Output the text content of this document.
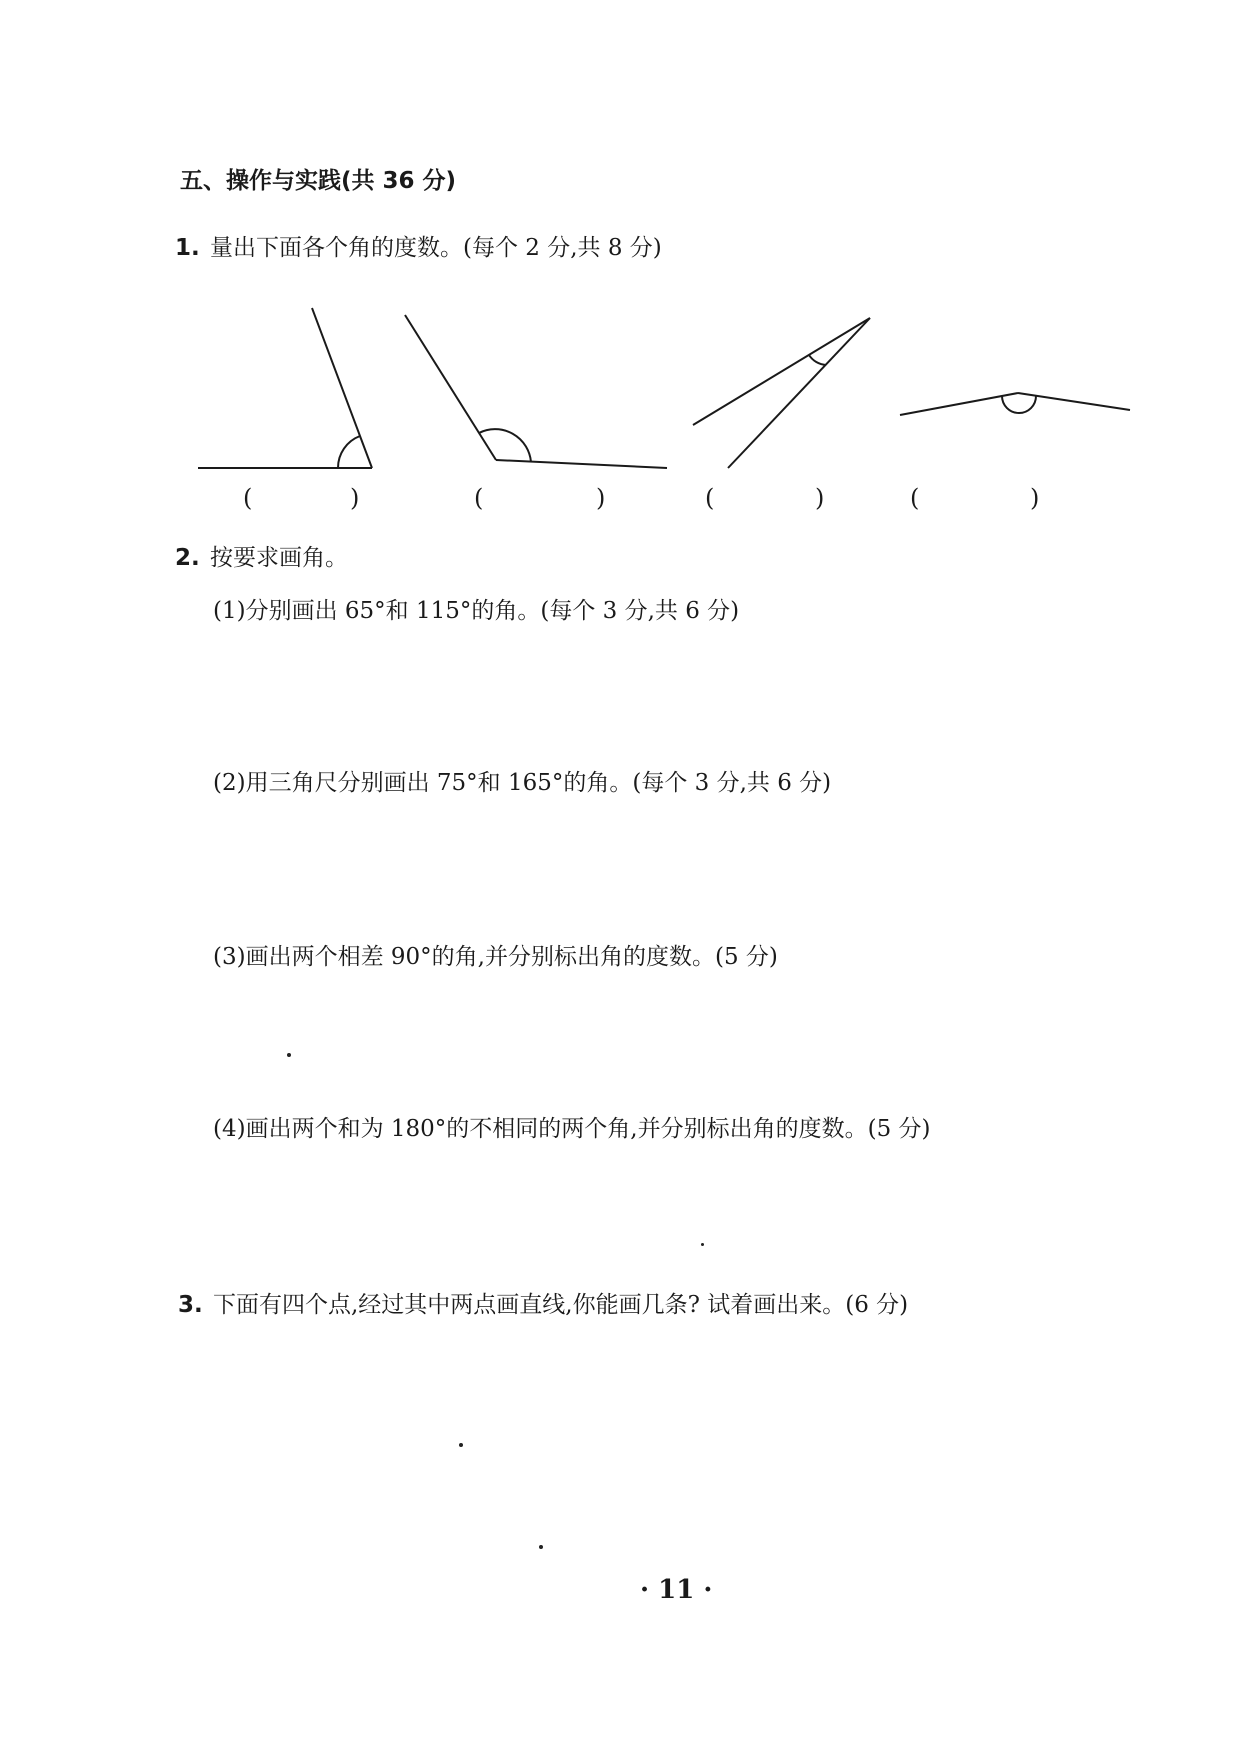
五、操作与实践(共 36 分)
1. 量出下面各个角的度数。(每个 2 分,共 8 分)
(	)	(	)	(	)	(	)
2. 按要求画角。
(1)分别画出 65°和 115°的角。(每个 3 分,共 6 分)
(2)用三角尺分别画出 75°和 165°的角。(每个 3 分,共 6 分)
(3)画出两个相差 90°的角,并分别标出角的度数。(5 分)
(4)画出两个和为 180°的不相同的两个角,并分别标出角的度数。(5 分)
3. 下面有四个点,经过其中两点画直线,你能画几条? 试着画出来。(6 分)
· 11 ·
